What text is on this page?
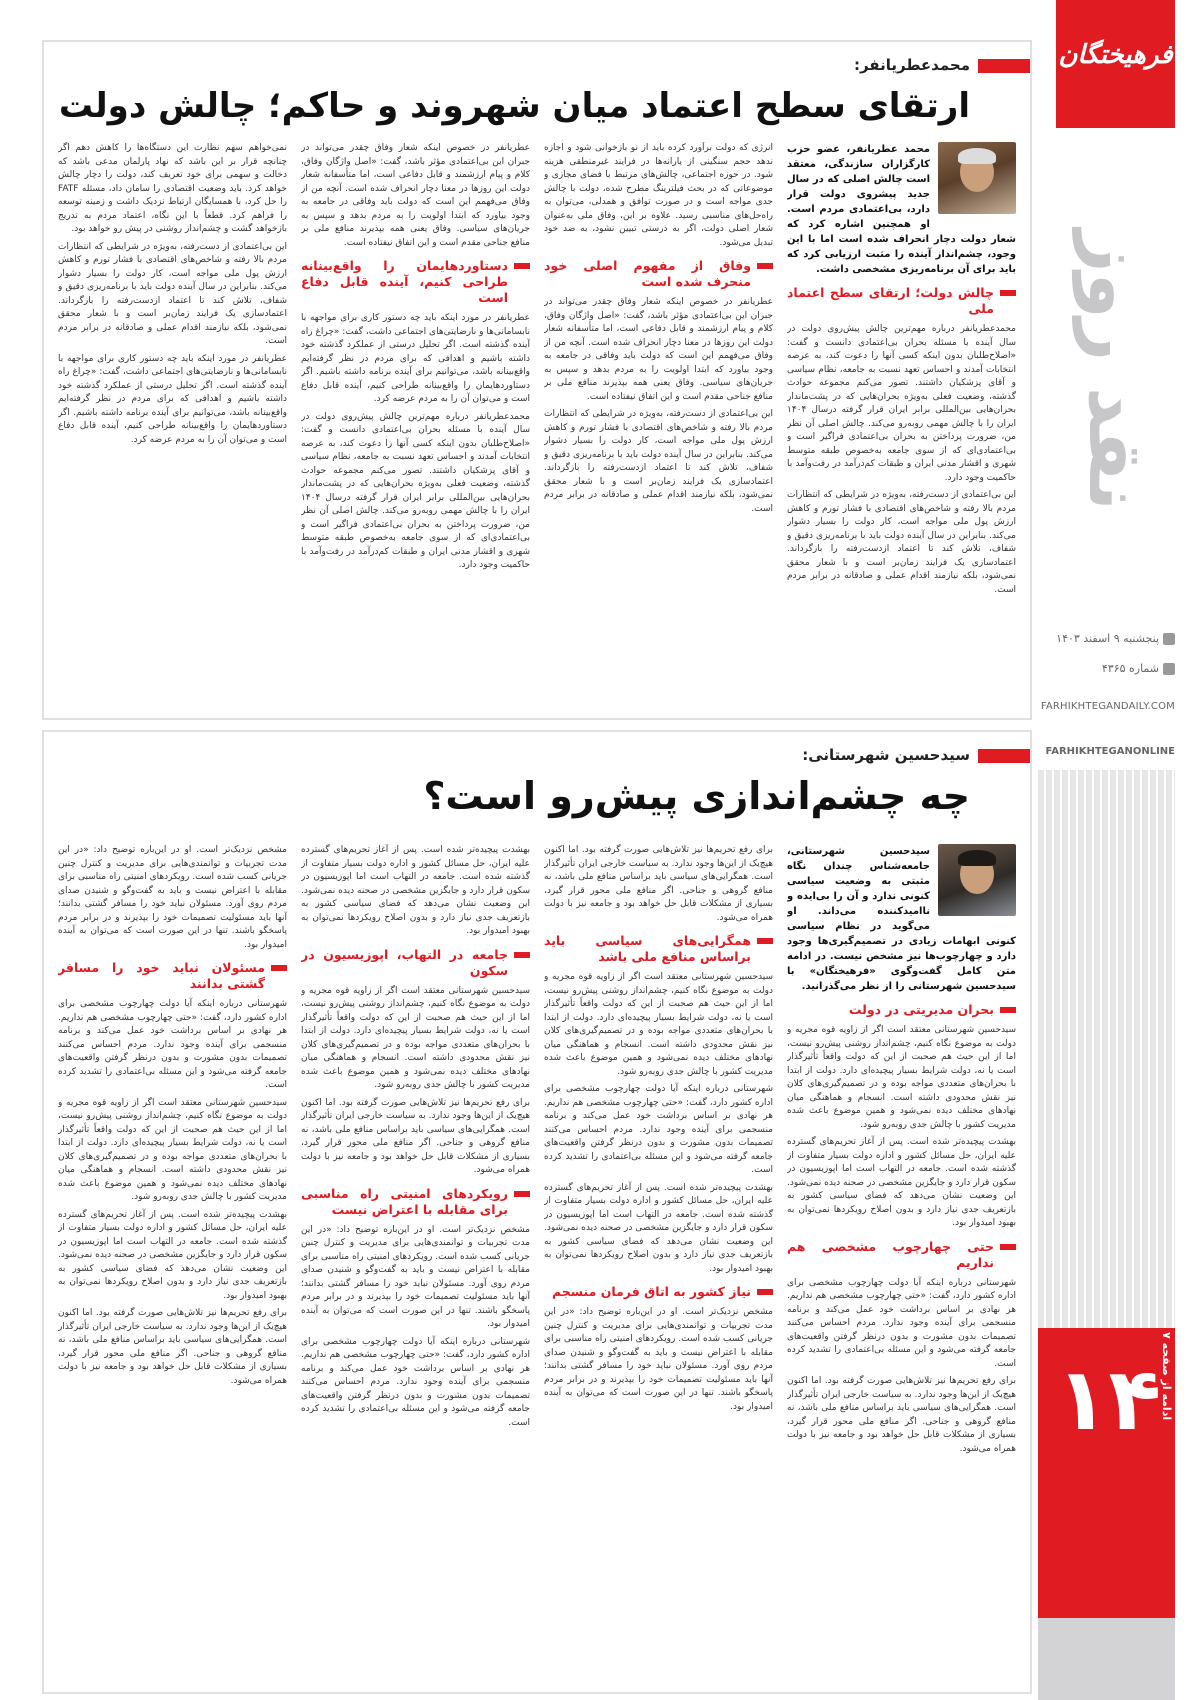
فرهیختگان
نقد روز
پنجشنبه ۹ اسفند ۱۴۰۳
شماره ۴۳۶۵
FARHIKHTEGANDAILY.COM
FARHIKHTEGANONLINE
ادامه از صفحه ۷
۱۴
محمدعطریانفر:
ارتقای سطح اعتماد میان شهروند و حاکم؛ چالش دولت

محمد عطریانفر، عضو حزب کارگزاران سازندگی، معتقد است چالش اصلی که در سال جدید پیشروی دولت قرار دارد، بی‌اعتمادی مردم است. او همچنین اشاره کرد که شعار دولت دچار انحراف شده است اما با این وجود، چشم‌انداز آینده را مثبت ارزیابی کرد که باید برای آن برنامه‌ریزی مشخصی داشت.

چالش دولت؛ ارتقای سطح اعتماد ملی

محمدعطریانفر درباره مهم‌ترین چالش پیش‌روی دولت در سال آینده با مسئله بحران بی‌اعتمادی دانست و گفت: «اصلاح‌طلبان بدون اینکه کسی آنها را دعوت کند، به عرصه انتخابات آمدند و احساس تعهد نسبت به جامعه، نظام سیاسی و آقای پزشکیان داشتند. تصور می‌کنم مجموعه حوادث گذشته، وضعیت فعلی به‌ویژه بحران‌هایی که در پشت‌ماندار بحران‌هایی بین‌المللی برابر ایران قرار گرفته درسال ۱۴۰۴ ایران را با چالش مهمی روبه‌رو می‌کند. چالش اصلی آن نظر من، ضرورت پرداختن به بحران بی‌اعتمادی فراگیر است و بی‌اعتمادی‌ای که از سوی جامعه به‌خصوص طبقه متوسط شهری و اقشار مدنی ایران و طبقات کم‌درآمد در رفت‌وآمد با حاکمیت وجود دارد.

این بی‌اعتمادی از دست‌رفته، به‌ویژه در شرایطی که انتظارات مردم بالا رفته و شاخص‌های اقتصادی با فشار تورم و کاهش ارزش پول ملی مواجه است، کار دولت را بسیار دشوار می‌کند. بنابراین در سال آینده دولت باید با برنامه‌ریزی دقیق و شفاف، تلاش کند تا اعتماد ازدست‌رفته را بازگرداند. اعتمادسازی یک فرایند زمان‌بر است و با شعار محقق نمی‌شود، بلکه نیازمند اقدام عملی و صادقانه در برابر مردم است.

انرژی که دولت برآورد کرده باید از نو بازخوانی شود و اجازه ندهد حجم سنگینی از یارانه‌ها در فرایند غیرمنطقی هزینه شود. در حوزه اجتماعی، چالش‌های مرتبط با فضای مجازی و موضوعاتی که در بحث فیلترینگ مطرح شده، دولت با چالش جدی مواجه است و در صورت توافق و همدلی، می‌توان به راه‌حل‌های مناسبی رسید. علاوه بر این، وفاق ملی به‌عنوان شعار اصلی دولت، اگر به درستی تبیین نشود، به ضد خود تبدیل می‌شود.

وفاق از مفهوم اصلی خود منحرف شده است

عطریانفر در خصوص اینکه شعار وفاق چقدر می‌تواند در جبران این بی‌اعتمادی مؤثر باشد، گفت: «اصل واژگان وفاق، کلام و پیام ارزشمند و قابل دفاعی است، اما متأسفانه شعار دولت این روزها در معنا دچار انحراف شده است. آنچه من از وفاق می‌فهمم این است که دولت باید وفاقی در جامعه به وجود بیاورد که ابتدا اولویت را به مردم بدهد و سپس به جریان‌های سیاسی. وفاق یعنی همه بپذیرند منافع ملی بر منافع جناحی مقدم است و این اتفاق نیفتاده است.

این بی‌اعتمادی از دست‌رفته، به‌ویژه در شرایطی که انتظارات مردم بالا رفته و شاخص‌های اقتصادی با فشار تورم و کاهش ارزش پول ملی مواجه است، کار دولت را بسیار دشوار می‌کند. بنابراین در سال آینده دولت باید با برنامه‌ریزی دقیق و شفاف، تلاش کند تا اعتماد ازدست‌رفته را بازگرداند. اعتمادسازی یک فرایند زمان‌بر است و با شعار محقق نمی‌شود، بلکه نیازمند اقدام عملی و صادقانه در برابر مردم است.

عطریانفر در خصوص اینکه شعار وفاق چقدر می‌تواند در جبران این بی‌اعتمادی مؤثر باشد، گفت: «اصل واژگان وفاق، کلام و پیام ارزشمند و قابل دفاعی است، اما متأسفانه شعار دولت این روزها در معنا دچار انحراف شده است. آنچه من از وفاق می‌فهمم این است که دولت باید وفاقی در جامعه به وجود بیاورد که ابتدا اولویت را به مردم بدهد و سپس به جریان‌های سیاسی. وفاق یعنی همه بپذیرند منافع ملی بر منافع جناحی مقدم است و این اتفاق نیفتاده است.

دستاوردهایمان را واقع‌بینانه طراحی کنیم، آینده قابل دفاع است

عطریانفر در مورد اینکه باید چه دستور کاری برای مواجهه با نابسامانی‌ها و نارضایتی‌های اجتماعی داشت، گفت: «چراغ راه آینده گذشته است. اگر تحلیل درستی از عملکرد گذشته خود داشته باشیم و اهدافی که برای مردم در نظر گرفته‌ایم واقع‌بینانه باشد، می‌توانیم برای آینده برنامه داشته باشیم. اگر دستاوردهایمان را واقع‌بینانه طراحی کنیم، آینده قابل دفاع است و می‌توان آن را به مردم عرضه کرد.

محمدعطریانفر درباره مهم‌ترین چالش پیش‌روی دولت در سال آینده با مسئله بحران بی‌اعتمادی دانست و گفت: «اصلاح‌طلبان بدون اینکه کسی آنها را دعوت کند، به عرصه انتخابات آمدند و احساس تعهد نسبت به جامعه، نظام سیاسی و آقای پزشکیان داشتند. تصور می‌کنم مجموعه حوادث گذشته، وضعیت فعلی به‌ویژه بحران‌هایی که در پشت‌ماندار بحران‌هایی بین‌المللی برابر ایران قرار گرفته درسال ۱۴۰۴ ایران را با چالش مهمی روبه‌رو می‌کند. چالش اصلی آن نظر من، ضرورت پرداختن به بحران بی‌اعتمادی فراگیر است و بی‌اعتمادی‌ای که از سوی جامعه به‌خصوص طبقه متوسط شهری و اقشار مدنی ایران و طبقات کم‌درآمد در رفت‌وآمد با حاکمیت وجود دارد.

نمی‌خواهم سهم نظارت این دستگاه‌ها را کاهش دهم اگر چنانچه قرار بر این باشد که نهاد پارلمان مدعی باشد که دخالت و سهمی برای خود تعریف کند، دولت را دچار چالش خواهد کرد. باید وضعیت اقتصادی را سامان داد، مسئله FATF را حل کرد، با همسایگان ارتباط نزدیک داشت و زمینه توسعه را فراهم کرد. قطعاً با این نگاه، اعتماد مردم به تدریج بازخواهد گشت و چشم‌انداز روشنی در پیش رو خواهد بود.

این بی‌اعتمادی از دست‌رفته، به‌ویژه در شرایطی که انتظارات مردم بالا رفته و شاخص‌های اقتصادی با فشار تورم و کاهش ارزش پول ملی مواجه است، کار دولت را بسیار دشوار می‌کند. بنابراین در سال آینده دولت باید با برنامه‌ریزی دقیق و شفاف، تلاش کند تا اعتماد ازدست‌رفته را بازگرداند. اعتمادسازی یک فرایند زمان‌بر است و با شعار محقق نمی‌شود، بلکه نیازمند اقدام عملی و صادقانه در برابر مردم است.

عطریانفر در مورد اینکه باید چه دستور کاری برای مواجهه با نابسامانی‌ها و نارضایتی‌های اجتماعی داشت، گفت: «چراغ راه آینده گذشته است. اگر تحلیل درستی از عملکرد گذشته خود داشته باشیم و اهدافی که برای مردم در نظر گرفته‌ایم واقع‌بینانه باشد، می‌توانیم برای آینده برنامه داشته باشیم. اگر دستاوردهایمان را واقع‌بینانه طراحی کنیم، آینده قابل دفاع است و می‌توان آن را به مردم عرضه کرد.

سیدحسین شهرستانی:
چه چشم‌اندازی پیش‌رو است؟

سیدحسین شهرستانی، جامعه‌شناس چندان نگاه مثبتی به وضعیت سیاسی کنونی ندارد و آن را بی‌ایده و ناامیدکننده می‌داند. او می‌گوید در نظام سیاسی کنونی ابهامات زیادی در تصمیم‌گیری‌ها وجود دارد و چهارچوب‌ها نیز مشخص نیست. در ادامه متن کامل گفت‌وگوی «فرهیختگان» با سیدحسین شهرستانی را از نظر می‌گذرانید.

بحران مدیریتی در دولت

سیدحسین شهرستانی معتقد است اگر از زاویه قوه مجریه و دولت به موضوع نگاه کنیم، چشم‌انداز روشنی پیش‌رو نیست، اما از این حیث هم صحبت از این که دولت واقعاً تأثیرگذار است یا نه، دولت شرایط بسیار پیچیده‌ای دارد. دولت از ابتدا با بحران‌های متعددی مواجه بوده و در تصمیم‌گیری‌های کلان نیز نقش محدودی داشته است. انسجام و هماهنگی میان نهادهای مختلف دیده نمی‌شود و همین موضوع باعث شده مدیریت کشور با چالش جدی روبه‌رو شود.

بهشدت پیچیده‌تر شده است. پس از آغاز تحریم‌های گسترده علیه ایران، حل مسائل کشور و اداره دولت بسیار متفاوت از گذشته شده است. جامعه در التهاب است اما اپوزیسیون در سکون قرار دارد و جایگزین مشخصی در صحنه دیده نمی‌شود. این وضعیت نشان می‌دهد که فضای سیاسی کشور به بازتعریف جدی نیاز دارد و بدون اصلاح رویکردها نمی‌توان به بهبود امیدوار بود.

حتی چهارچوب مشخصی هم نداریم

شهرستانی درباره اینکه آیا دولت چهارچوب مشخصی برای اداره کشور دارد، گفت: «حتی چهارچوب مشخصی هم نداریم. هر نهادی بر اساس برداشت خود عمل می‌کند و برنامه منسجمی برای آینده وجود ندارد. مردم احساس می‌کنند تصمیمات بدون مشورت و بدون درنظر گرفتن واقعیت‌های جامعه گرفته می‌شود و این مسئله بی‌اعتمادی را تشدید کرده است.

برای رفع تحریم‌ها نیز تلاش‌هایی صورت گرفته بود. اما اکنون هیچ‌یک از این‌ها وجود ندارد. به سیاست خارجی ایران تأثیرگذار است. همگرایی‌های سیاسی باید براساس منافع ملی باشد، نه منافع گروهی و جناحی. اگر منافع ملی محور قرار گیرد، بسیاری از مشکلات قابل حل خواهد بود و جامعه نیز با دولت همراه می‌شود.

برای رفع تحریم‌ها نیز تلاش‌هایی صورت گرفته بود. اما اکنون هیچ‌یک از این‌ها وجود ندارد. به سیاست خارجی ایران تأثیرگذار است. همگرایی‌های سیاسی باید براساس منافع ملی باشد، نه منافع گروهی و جناحی. اگر منافع ملی محور قرار گیرد، بسیاری از مشکلات قابل حل خواهد بود و جامعه نیز با دولت همراه می‌شود.

همگرایی‌های سیاسی باید براساس منافع ملی باشد

سیدحسین شهرستانی معتقد است اگر از زاویه قوه مجریه و دولت به موضوع نگاه کنیم، چشم‌انداز روشنی پیش‌رو نیست، اما از این حیث هم صحبت از این که دولت واقعاً تأثیرگذار است یا نه، دولت شرایط بسیار پیچیده‌ای دارد. دولت از ابتدا با بحران‌های متعددی مواجه بوده و در تصمیم‌گیری‌های کلان نیز نقش محدودی داشته است. انسجام و هماهنگی میان نهادهای مختلف دیده نمی‌شود و همین موضوع باعث شده مدیریت کشور با چالش جدی روبه‌رو شود.

شهرستانی درباره اینکه آیا دولت چهارچوب مشخصی برای اداره کشور دارد، گفت: «حتی چهارچوب مشخصی هم نداریم. هر نهادی بر اساس برداشت خود عمل می‌کند و برنامه منسجمی برای آینده وجود ندارد. مردم احساس می‌کنند تصمیمات بدون مشورت و بدون درنظر گرفتن واقعیت‌های جامعه گرفته می‌شود و این مسئله بی‌اعتمادی را تشدید کرده است.

بهشدت پیچیده‌تر شده است. پس از آغاز تحریم‌های گسترده علیه ایران، حل مسائل کشور و اداره دولت بسیار متفاوت از گذشته شده است. جامعه در التهاب است اما اپوزیسیون در سکون قرار دارد و جایگزین مشخصی در صحنه دیده نمی‌شود. این وضعیت نشان می‌دهد که فضای سیاسی کشور به بازتعریف جدی نیاز دارد و بدون اصلاح رویکردها نمی‌توان به بهبود امیدوار بود.

نیاز کشور به اتاق فرمان منسجم

مشخص نزدیک‌تر است. او در این‌باره توضیح داد: «در این مدت تجربیات و توانمندی‌هایی برای مدیریت و کنترل چنین جریانی کسب شده است. رویکردهای امنیتی راه مناسبی برای مقابله با اعتراض نیست و باید به گفت‌وگو و شنیدن صدای مردم روی آورد. مسئولان نباید خود را مسافر گشتی بدانند؛ آنها باید مسئولیت تصمیمات خود را بپذیرند و در برابر مردم پاسخگو باشند. تنها در این صورت است که می‌توان به آینده امیدوار بود.

بهشدت پیچیده‌تر شده است. پس از آغاز تحریم‌های گسترده علیه ایران، حل مسائل کشور و اداره دولت بسیار متفاوت از گذشته شده است. جامعه در التهاب است اما اپوزیسیون در سکون قرار دارد و جایگزین مشخصی در صحنه دیده نمی‌شود. این وضعیت نشان می‌دهد که فضای سیاسی کشور به بازتعریف جدی نیاز دارد و بدون اصلاح رویکردها نمی‌توان به بهبود امیدوار بود.

جامعه در التهاب، اپوزیسیون در سکون

سیدحسین شهرستانی معتقد است اگر از زاویه قوه مجریه و دولت به موضوع نگاه کنیم، چشم‌انداز روشنی پیش‌رو نیست، اما از این حیث هم صحبت از این که دولت واقعاً تأثیرگذار است یا نه، دولت شرایط بسیار پیچیده‌ای دارد. دولت از ابتدا با بحران‌های متعددی مواجه بوده و در تصمیم‌گیری‌های کلان نیز نقش محدودی داشته است. انسجام و هماهنگی میان نهادهای مختلف دیده نمی‌شود و همین موضوع باعث شده مدیریت کشور با چالش جدی روبه‌رو شود.

برای رفع تحریم‌ها نیز تلاش‌هایی صورت گرفته بود. اما اکنون هیچ‌یک از این‌ها وجود ندارد. به سیاست خارجی ایران تأثیرگذار است. همگرایی‌های سیاسی باید براساس منافع ملی باشد، نه منافع گروهی و جناحی. اگر منافع ملی محور قرار گیرد، بسیاری از مشکلات قابل حل خواهد بود و جامعه نیز با دولت همراه می‌شود.

رویکردهای امنیتی راه مناسبی برای مقابله با اعتراض نیست

مشخص نزدیک‌تر است. او در این‌باره توضیح داد: «در این مدت تجربیات و توانمندی‌هایی برای مدیریت و کنترل چنین جریانی کسب شده است. رویکردهای امنیتی راه مناسبی برای مقابله با اعتراض نیست و باید به گفت‌وگو و شنیدن صدای مردم روی آورد. مسئولان نباید خود را مسافر گشتی بدانند؛ آنها باید مسئولیت تصمیمات خود را بپذیرند و در برابر مردم پاسخگو باشند. تنها در این صورت است که می‌توان به آینده امیدوار بود.

شهرستانی درباره اینکه آیا دولت چهارچوب مشخصی برای اداره کشور دارد، گفت: «حتی چهارچوب مشخصی هم نداریم. هر نهادی بر اساس برداشت خود عمل می‌کند و برنامه منسجمی برای آینده وجود ندارد. مردم احساس می‌کنند تصمیمات بدون مشورت و بدون درنظر گرفتن واقعیت‌های جامعه گرفته می‌شود و این مسئله بی‌اعتمادی را تشدید کرده است.

مشخص نزدیک‌تر است. او در این‌باره توضیح داد: «در این مدت تجربیات و توانمندی‌هایی برای مدیریت و کنترل چنین جریانی کسب شده است. رویکردهای امنیتی راه مناسبی برای مقابله با اعتراض نیست و باید به گفت‌وگو و شنیدن صدای مردم روی آورد. مسئولان نباید خود را مسافر گشتی بدانند؛ آنها باید مسئولیت تصمیمات خود را بپذیرند و در برابر مردم پاسخگو باشند. تنها در این صورت است که می‌توان به آینده امیدوار بود.

مسئولان نباید خود را مسافر گشتی بدانند

شهرستانی درباره اینکه آیا دولت چهارچوب مشخصی برای اداره کشور دارد، گفت: «حتی چهارچوب مشخصی هم نداریم. هر نهادی بر اساس برداشت خود عمل می‌کند و برنامه منسجمی برای آینده وجود ندارد. مردم احساس می‌کنند تصمیمات بدون مشورت و بدون درنظر گرفتن واقعیت‌های جامعه گرفته می‌شود و این مسئله بی‌اعتمادی را تشدید کرده است.

سیدحسین شهرستانی معتقد است اگر از زاویه قوه مجریه و دولت به موضوع نگاه کنیم، چشم‌انداز روشنی پیش‌رو نیست، اما از این حیث هم صحبت از این که دولت واقعاً تأثیرگذار است یا نه، دولت شرایط بسیار پیچیده‌ای دارد. دولت از ابتدا با بحران‌های متعددی مواجه بوده و در تصمیم‌گیری‌های کلان نیز نقش محدودی داشته است. انسجام و هماهنگی میان نهادهای مختلف دیده نمی‌شود و همین موضوع باعث شده مدیریت کشور با چالش جدی روبه‌رو شود.

بهشدت پیچیده‌تر شده است. پس از آغاز تحریم‌های گسترده علیه ایران، حل مسائل کشور و اداره دولت بسیار متفاوت از گذشته شده است. جامعه در التهاب است اما اپوزیسیون در سکون قرار دارد و جایگزین مشخصی در صحنه دیده نمی‌شود. این وضعیت نشان می‌دهد که فضای سیاسی کشور به بازتعریف جدی نیاز دارد و بدون اصلاح رویکردها نمی‌توان به بهبود امیدوار بود.

برای رفع تحریم‌ها نیز تلاش‌هایی صورت گرفته بود. اما اکنون هیچ‌یک از این‌ها وجود ندارد. به سیاست خارجی ایران تأثیرگذار است. همگرایی‌های سیاسی باید براساس منافع ملی باشد، نه منافع گروهی و جناحی. اگر منافع ملی محور قرار گیرد، بسیاری از مشکلات قابل حل خواهد بود و جامعه نیز با دولت همراه می‌شود.
